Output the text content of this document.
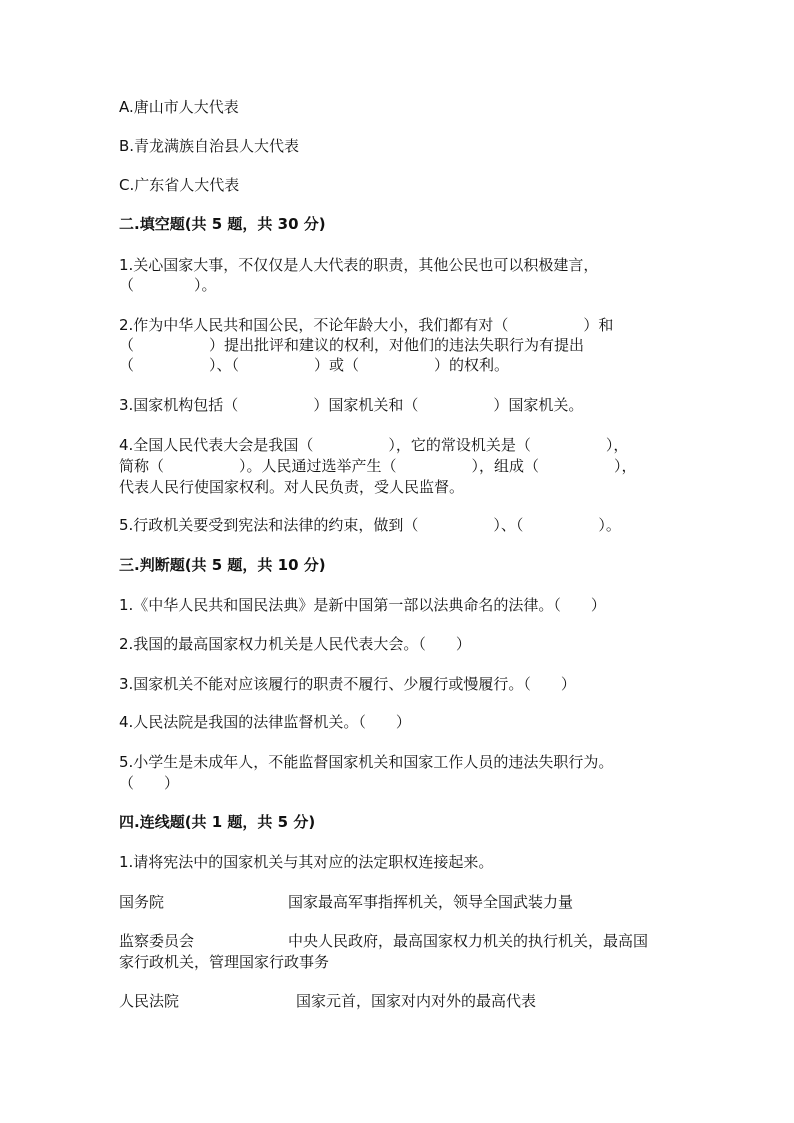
A.唐山市人大代表

B.青龙满族自治县人大代表

C.广东省人大代表

二.填空题(共 5 题，共 30 分)

1.关心国家大事，不仅仅是人大代表的职责，其他公民也可以积极建言，

（　　　　）。

2.作为中华人民共和国公民，不论年龄大小，我们都有对（　　　　　）和

（　　　　　）提出批评和建议的权利，对他们的违法失职行为有提出

（　　　　　）、（　　　　　）或（　　　　　）的权利。

3.国家机构包括（　　　　　）国家机关和（　　　　　）国家机关。

4.全国人民代表大会是我国（　　　　　），它的常设机关是（　　　　　），

简称（　　　　　）。人民通过选举产生（　　　　　），组成（　　　　　），

代表人民行使国家权利。对人民负责，受人民监督。

5.行政机关要受到宪法和法律的约束，做到（　　　　　）、（　　　　　）。

三.判断题(共 5 题，共 10 分)

1.《中华人民共和国民法典》是新中国第一部以法典命名的法律。（　　）

2.我国的最高国家权力机关是人民代表大会。（　　）

3.国家机关不能对应该履行的职责不履行、少履行或慢履行。（　　）

4.人民法院是我国的法律监督机关。（　　）

5.小学生是未成年人，不能监督国家机关和国家工作人员的违法失职行为。

（　　）

四.连线题(共 1 题，共 5 分)

1.请将宪法中的国家机关与其对应的法定职权连接起来。

国务院	国家最高军事指挥机关，领导全国武装力量

监察委员会	中央人民政府，最高国家权力机关的执行机关，最高国

家行政机关，管理国家行政事务

人民法院	国家元首，国家对内对外的最高代表
